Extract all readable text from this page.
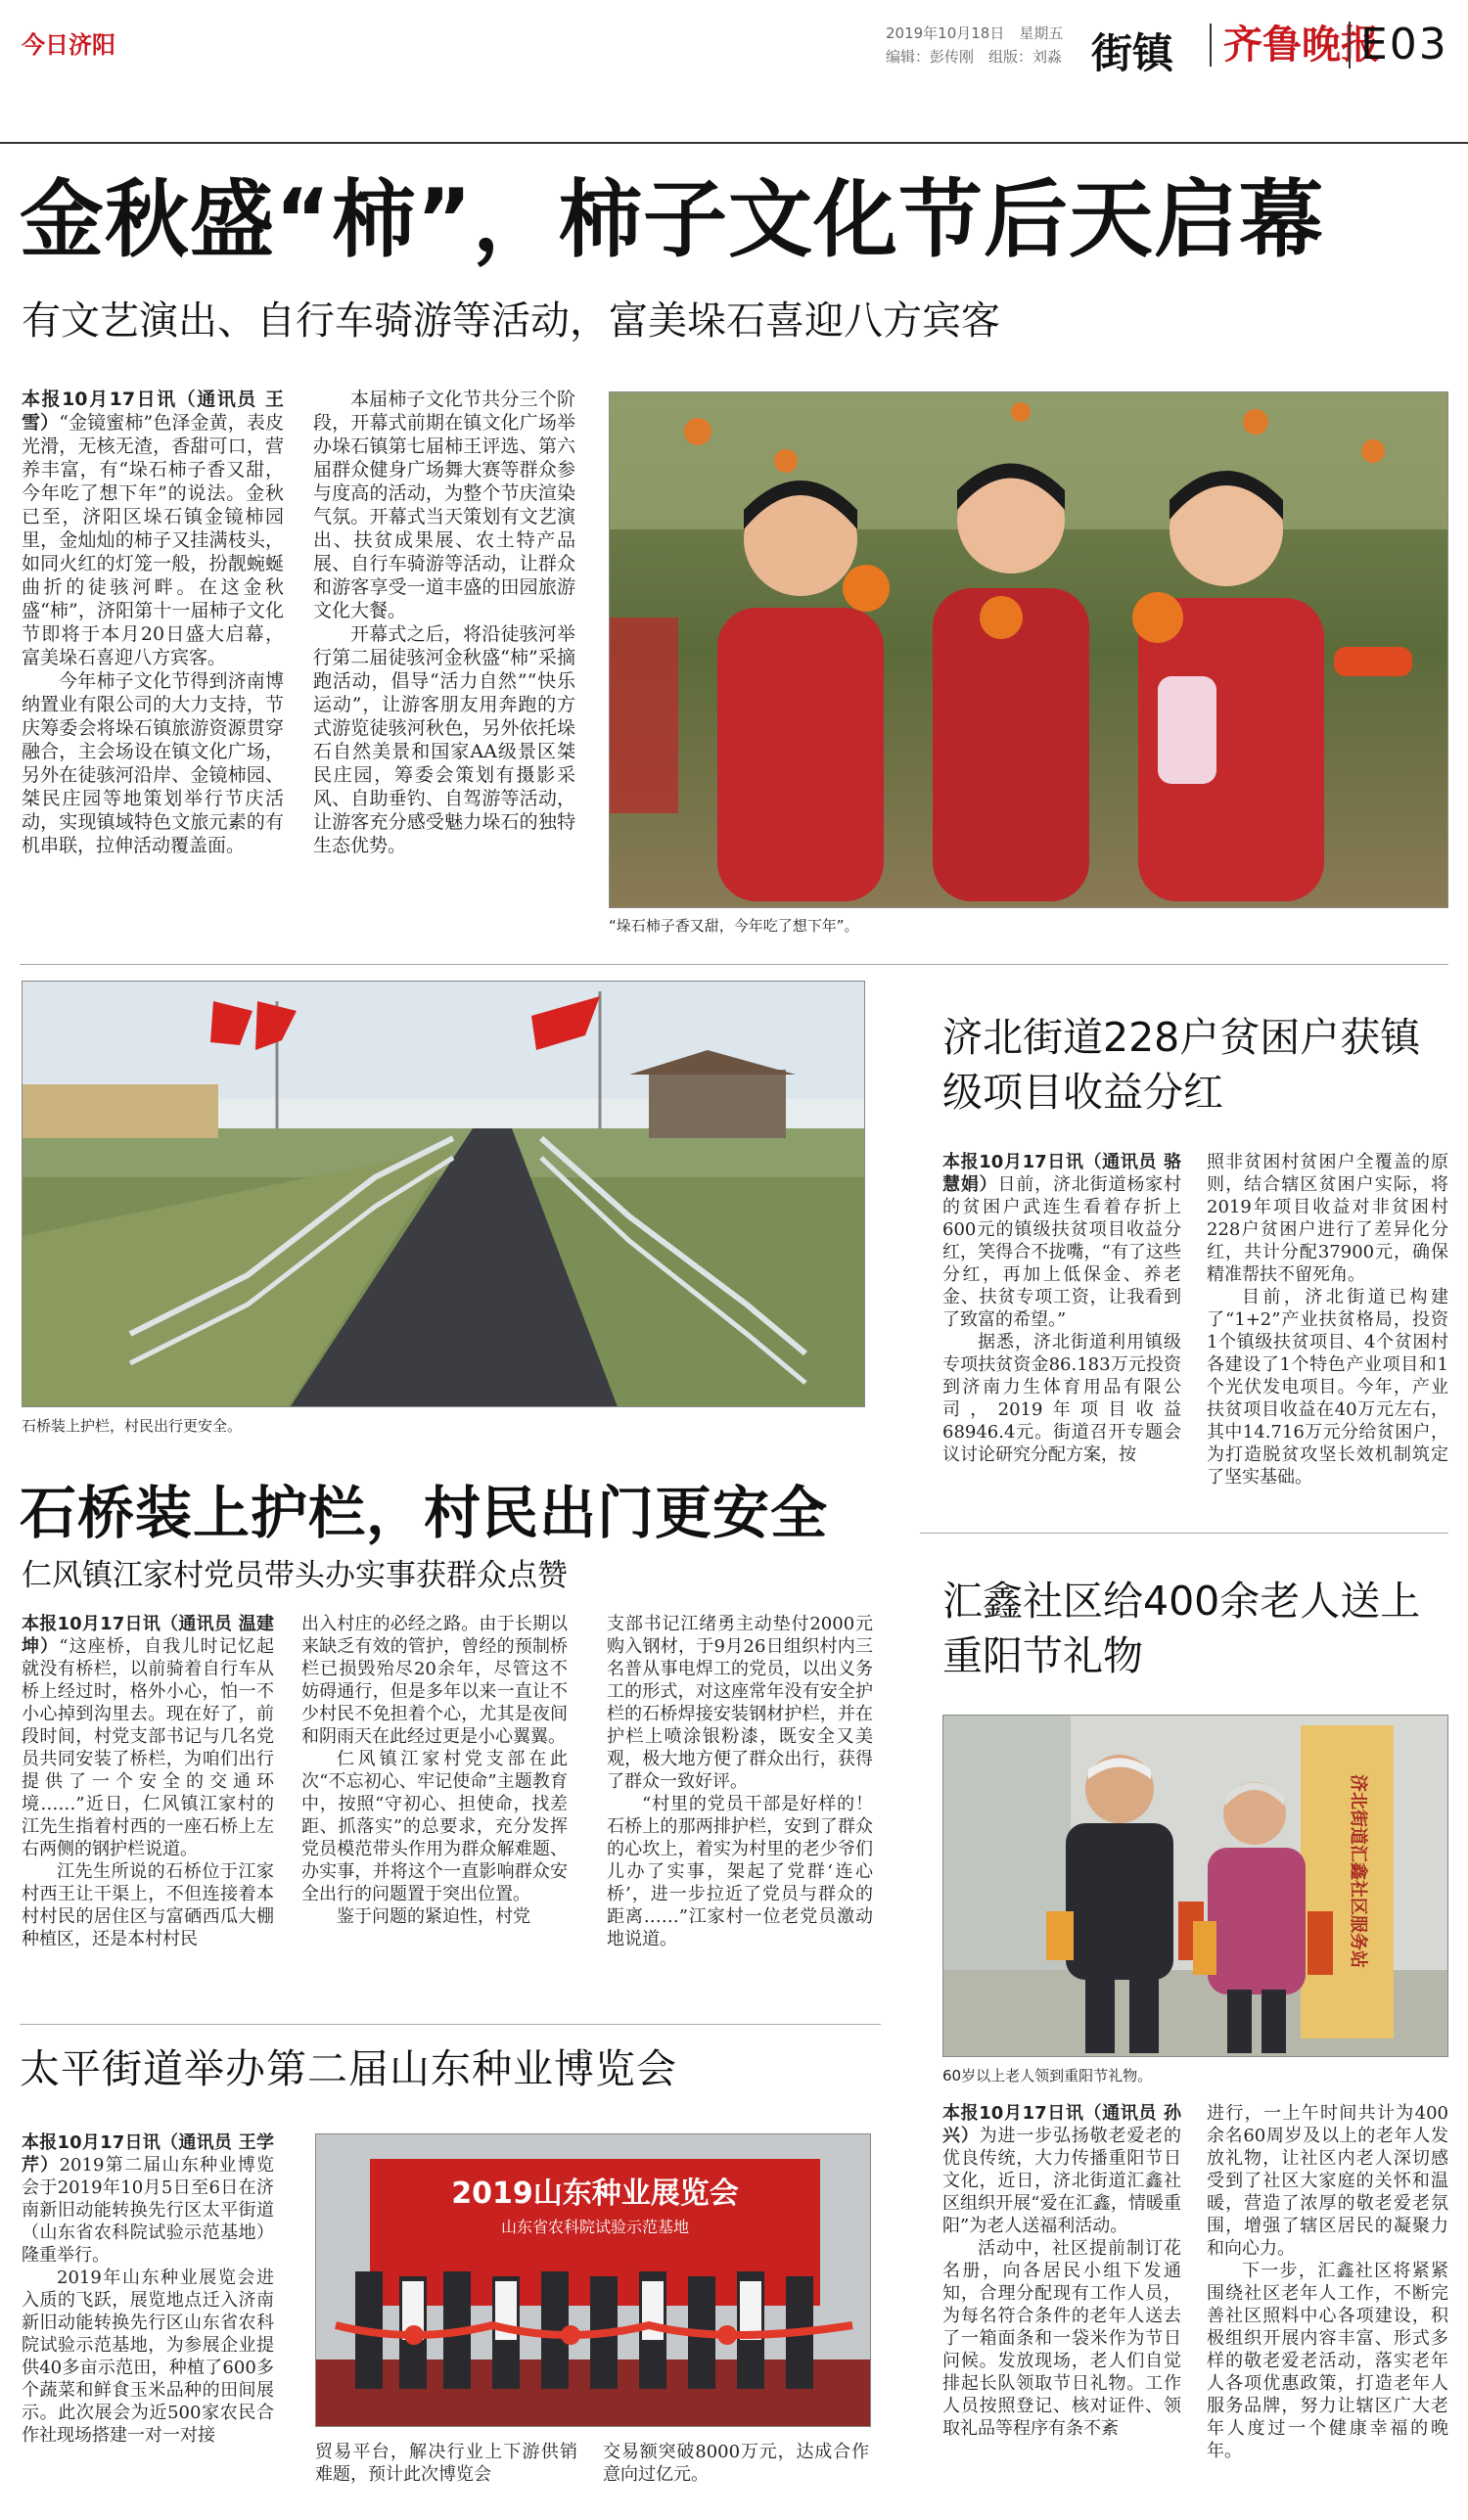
今日济阳	2019年10月18日　星期五
编辑：彭传刚　组版：刘淼 街镇	齐鲁晚报
E03
金秋盛“柿”，柿子文化节后天启幕
有文艺演出、自行车骑游等活动，富美垛石喜迎八方宾客

本报10月17日讯（通讯员 王雪）“金镜蜜柿”色泽金黄，表皮光滑，无核无渣，香甜可口，营养丰富，有“垛石柿子香又甜，今年吃了想下年”的说法。金秋已至，济阳区垛石镇金镜柿园里，金灿灿的柿子又挂满枝头，如同火红的灯笼一般，扮靓蜿蜒曲折的徒骇河畔。在这金秋盛“柿”，济阳第十一届柿子文化节即将于本月20日盛大启幕，富美垛石喜迎八方宾客。

今年柿子文化节得到济南博纳置业有限公司的大力支持，节庆筹委会将垛石镇旅游资源贯穿融合，主会场设在镇文化广场，另外在徒骇河沿岸、金镜柿园、桀民庄园等地策划举行节庆活动，实现镇域特色文旅元素的有机串联，拉伸活动覆盖面。

本届柿子文化节共分三个阶段，开幕式前期在镇文化广场举办垛石镇第七届柿王评选、第六届群众健身广场舞大赛等群众参与度高的活动，为整个节庆渲染气氛。开幕式当天策划有文艺演出、扶贫成果展、农土特产品展、自行车骑游等活动，让群众和游客享受一道丰盛的田园旅游文化大餐。

开幕式之后，将沿徒骇河举行第二届徒骇河金秋盛“柿”采摘跑活动，倡导“活力自然”“快乐运动”，让游客朋友用奔跑的方式游览徒骇河秋色，另外依托垛石自然美景和国家AA级景区桀民庄园，筹委会策划有摄影采风、自助垂钓、自驾游等活动，让游客充分感受魅力垛石的独特生态优势。

“垛石柿子香又甜，今年吃了想下年”。
石桥装上护栏，村民出行更安全。
济北街道228户贫困户获镇级项目收益分红

本报10月17日讯（通讯员 骆慧娟）日前，济北街道杨家村的贫困户武连生看着存折上600元的镇级扶贫项目收益分红，笑得合不拢嘴，“有了这些分红，再加上低保金、养老金、扶贫专项工资，让我看到了致富的希望。”

据悉，济北街道利用镇级专项扶贫资金86.183万元投资到济南力生体育用品有限公司，2019年项目收益68946.4元。街道召开专题会议讨论研究分配方案，按

照非贫困村贫困户全覆盖的原则，结合辖区贫困户实际，将2019年项目收益对非贫困村228户贫困户进行了差异化分红，共计分配37900元，确保精准帮扶不留死角。

目前，济北街道已构建了“1+2”产业扶贫格局，投资1个镇级扶贫项目、4个贫困村各建设了1个特色产业项目和1个光伏发电项目。今年，产业扶贫项目收益在40万元左右，其中14.716万元分给贫困户，为打造脱贫攻坚长效机制筑定了坚实基础。

石桥装上护栏，村民出门更安全
仁风镇江家村党员带头办实事获群众点赞

本报10月17日讯（通讯员 温建坤）“这座桥，自我儿时记忆起就没有桥栏，以前骑着自行车从桥上经过时，格外小心，怕一不小心掉到沟里去。现在好了，前段时间，村党支部书记与几名党员共同安装了桥栏，为咱们出行提供了一个安全的交通环境……”近日，仁风镇江家村的江先生指着村西的一座石桥上左右两侧的钢护栏说道。

江先生所说的石桥位于江家村西王让干渠上，不但连接着本村村民的居住区与富硒西瓜大棚种植区，还是本村村民

出入村庄的必经之路。由于长期以来缺乏有效的管护，曾经的预制桥栏已损毁殆尽20余年，尽管这不妨碍通行，但是多年以来一直让不少村民不免担着个心，尤其是夜间和阴雨天在此经过更是小心翼翼。

仁风镇江家村党支部在此次“不忘初心、牢记使命”主题教育中，按照“守初心、担使命，找差距、抓落实”的总要求，充分发挥党员模范带头作用为群众解难题、办实事，并将这个一直影响群众安全出行的问题置于突出位置。

鉴于问题的紧迫性，村党

支部书记江绪勇主动垫付2000元购入钢材，于9月26日组织村内三名普从事电焊工的党员，以出义务工的形式，对这座常年没有安全护栏的石桥焊接安装钢材护栏，并在护栏上喷涂银粉漆，既安全又美观，极大地方便了群众出行，获得了群众一致好评。

“村里的党员干部是好样的！石桥上的那两排护栏，安到了群众的心坎上，着实为村里的老少爷们儿办了实事，架起了党群‘连心桥’，进一步拉近了党员与群众的距离……”江家村一位老党员激动地说道。

汇鑫社区给400余老人送上重阳节礼物
济北街道汇鑫社区服务站
60岁以上老人领到重阳节礼物。

本报10月17日讯（通讯员 孙兴）为进一步弘扬敬老爱老的优良传统，大力传播重阳节日文化，近日，济北街道汇鑫社区组织开展“爱在汇鑫，情暖重阳”为老人送福利活动。

活动中，社区提前制订花名册，向各居民小组下发通知，合理分配现有工作人员，为每名符合条件的老年人送去了一箱面条和一袋米作为节日问候。发放现场，老人们自觉排起长队领取节日礼物。工作人员按照登记、核对证件、领取礼品等程序有条不紊

进行，一上午时间共计为400余名60周岁及以上的老年人发放礼物，让社区内老人深切感受到了社区大家庭的关怀和温暖，营造了浓厚的敬老爱老氛围，增强了辖区居民的凝聚力和向心力。

下一步，汇鑫社区将紧紧围绕社区老年人工作，不断完善社区照料中心各项建设，积极组织开展内容丰富、形式多样的敬老爱老活动，落实老年人各项优惠政策，打造老年人服务品牌，努力让辖区广大老年人度过一个健康幸福的晚年。

太平街道举办第二届山东种业博览会

本报10月17日讯（通讯员 王学芹）2019第二届山东种业博览会于2019年10月5日至6日在济南新旧动能转换先行区太平街道（山东省农科院试验示范基地）隆重举行。

2019年山东种业展览会进入质的飞跃，展览地点迁入济南新旧动能转换先行区山东省农科院试验示范基地，为参展企业提供40多亩示范田，种植了600多个蔬菜和鲜食玉米品种的田间展示。此次展会为近500家农民合作社现场搭建一对一对接

2019山东种业展览会
山东省农科院试验示范基地

贸易平台，解决行业上下游供销难题，预计此次博览会

交易额突破8000万元，达成合作意向过亿元。
